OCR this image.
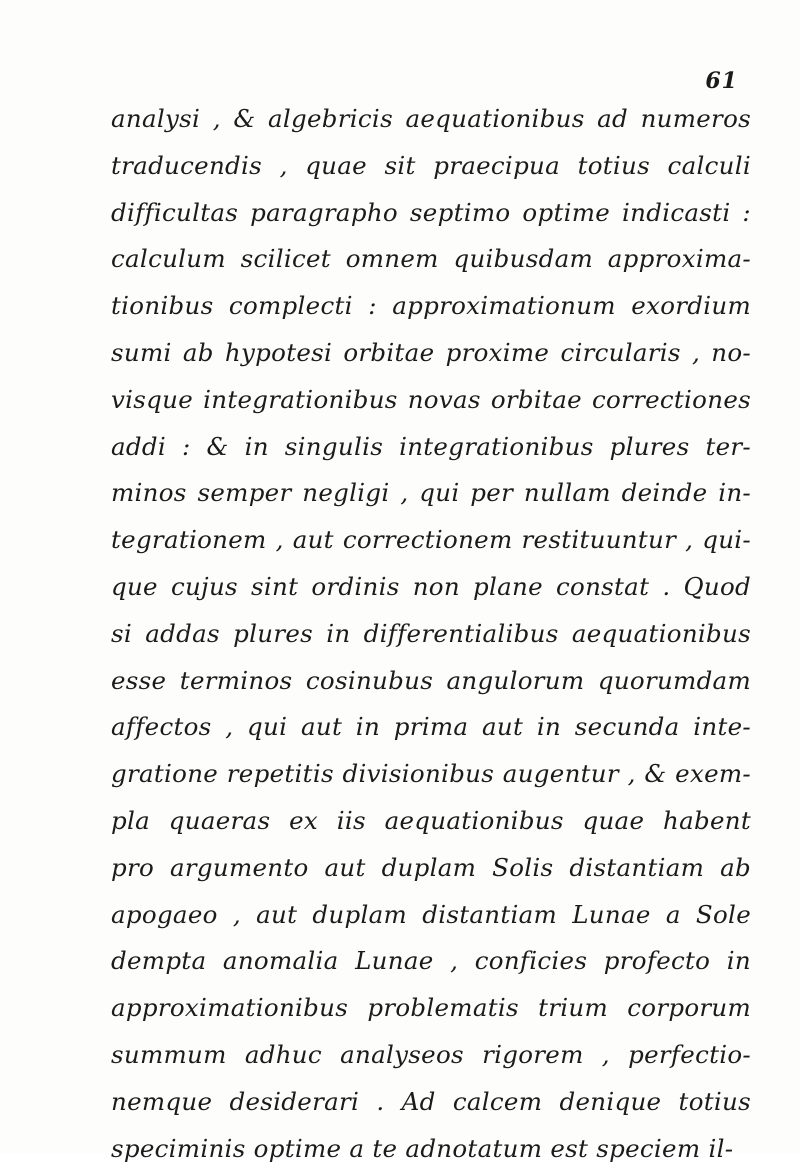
61
analysi , & algebricis aequationibus ad numeros
traducendis , quae sit praecipua totius calculi
difficultas paragrapho septimo optime indicasti :
calculum scilicet omnem quibusdam approxima-
tionibus complecti : approximationum exordium
sumi ab hypotesi orbitae proxime circularis , no-
visque integrationibus novas orbitae correctiones
addi : & in singulis integrationibus plures ter-
minos semper negligi , qui per nullam deinde in-
tegrationem , aut correctionem restituuntur , qui-
que cujus sint ordinis non plane constat . Quod
si addas plures in differentialibus aequationibus
esse terminos cosinubus angulorum quorumdam
affectos , qui aut in prima aut in secunda inte-
gratione repetitis divisionibus augentur , & exem-
pla quaeras ex iis aequationibus quae habent
pro argumento aut duplam Solis distantiam ab
apogaeo , aut duplam distantiam Lunae a Sole
dempta anomalia Lunae , conficies profecto in
approximationibus problematis trium corporum
summum adhuc analyseos rigorem , perfectio-
nemque desiderari . Ad calcem denique totius
speciminis optime a te adnotatum est speciem il-
